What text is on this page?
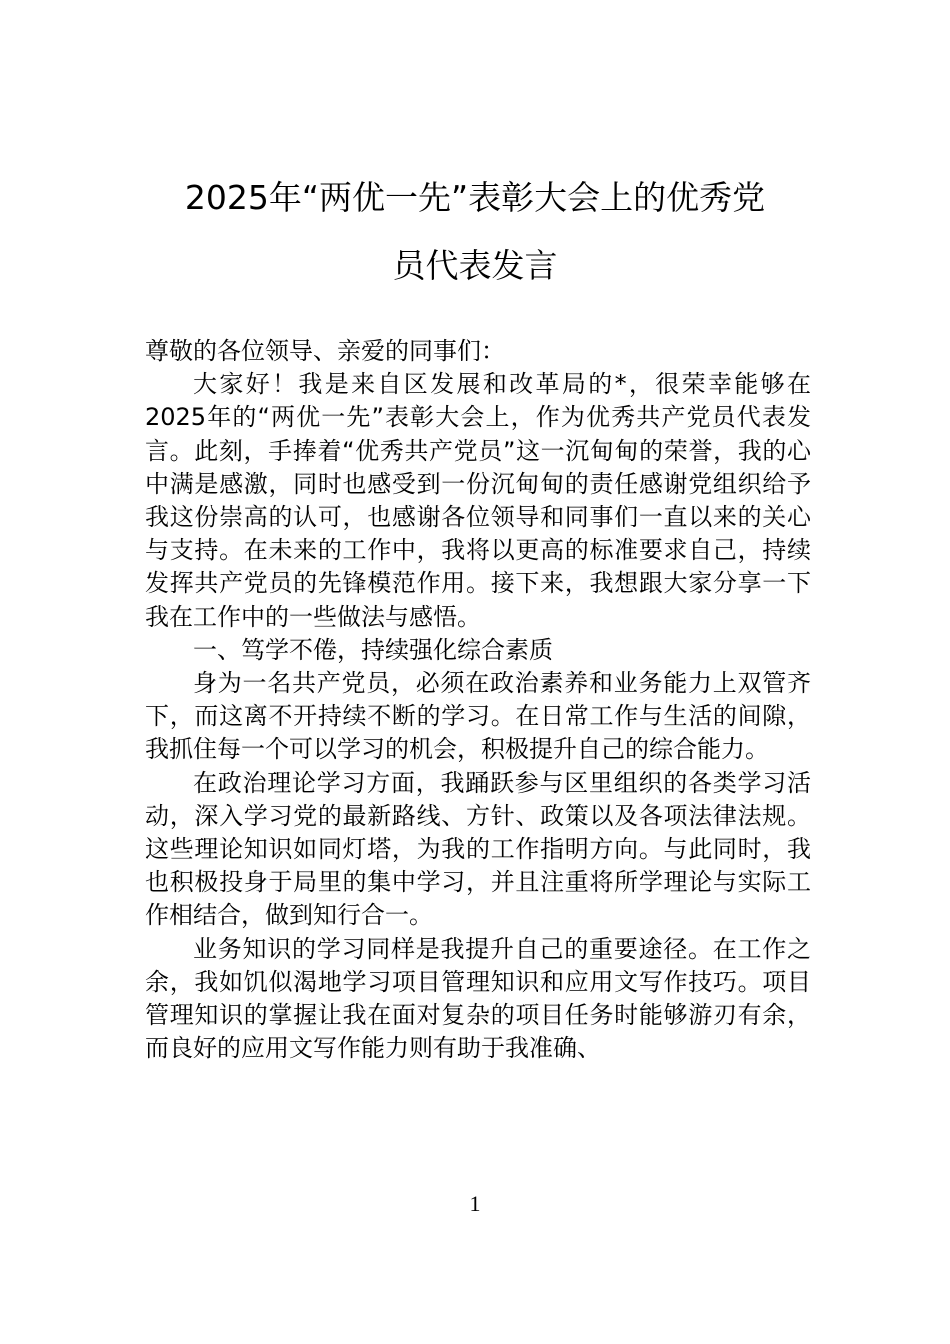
2025年“两优一先”表彰大会上的优秀党
员代表发言

尊敬的各位领导、亲爱的同事们：

大家好！我是来自区发展和改革局的*，很荣幸能够在2025年的“两优一先”表彰大会上，作为优秀共产党员代表发言。此刻，手捧着“优秀共产党员”这一沉甸甸的荣誉，我的心中满是感激，同时也感受到一份沉甸甸的责任感谢党组织给予我这份崇高的认可，也感谢各位领导和同事们一直以来的关心与支持。在未来的工作中，我将以更高的标准要求自己，持续发挥共产党员的先锋模范作用。接下来，我想跟大家分享一下我在工作中的一些做法与感悟。

一、笃学不倦，持续强化综合素质

身为一名共产党员，必须在政治素养和业务能力上双管齐下，而这离不开持续不断的学习。在日常工作与生活的间隙，我抓住每一个可以学习的机会，积极提升自己的综合能力。

在政治理论学习方面，我踊跃参与区里组织的各类学习活动，深入学习党的最新路线、方针、政策以及各项法律法规。这些理论知识如同灯塔，为我的工作指明方向。与此同时，我也积极投身于局里的集中学习，并且注重将所学理论与实际工作相结合，做到知行合一。

业务知识的学习同样是我提升自己的重要途径。在工作之余，我如饥似渴地学习项目管理知识和应用文写作技巧。项目管理知识的掌握让我在面对复杂的项目任务时能够游刃有余，而良好的应用文写作能力则有助于我准确、

1
